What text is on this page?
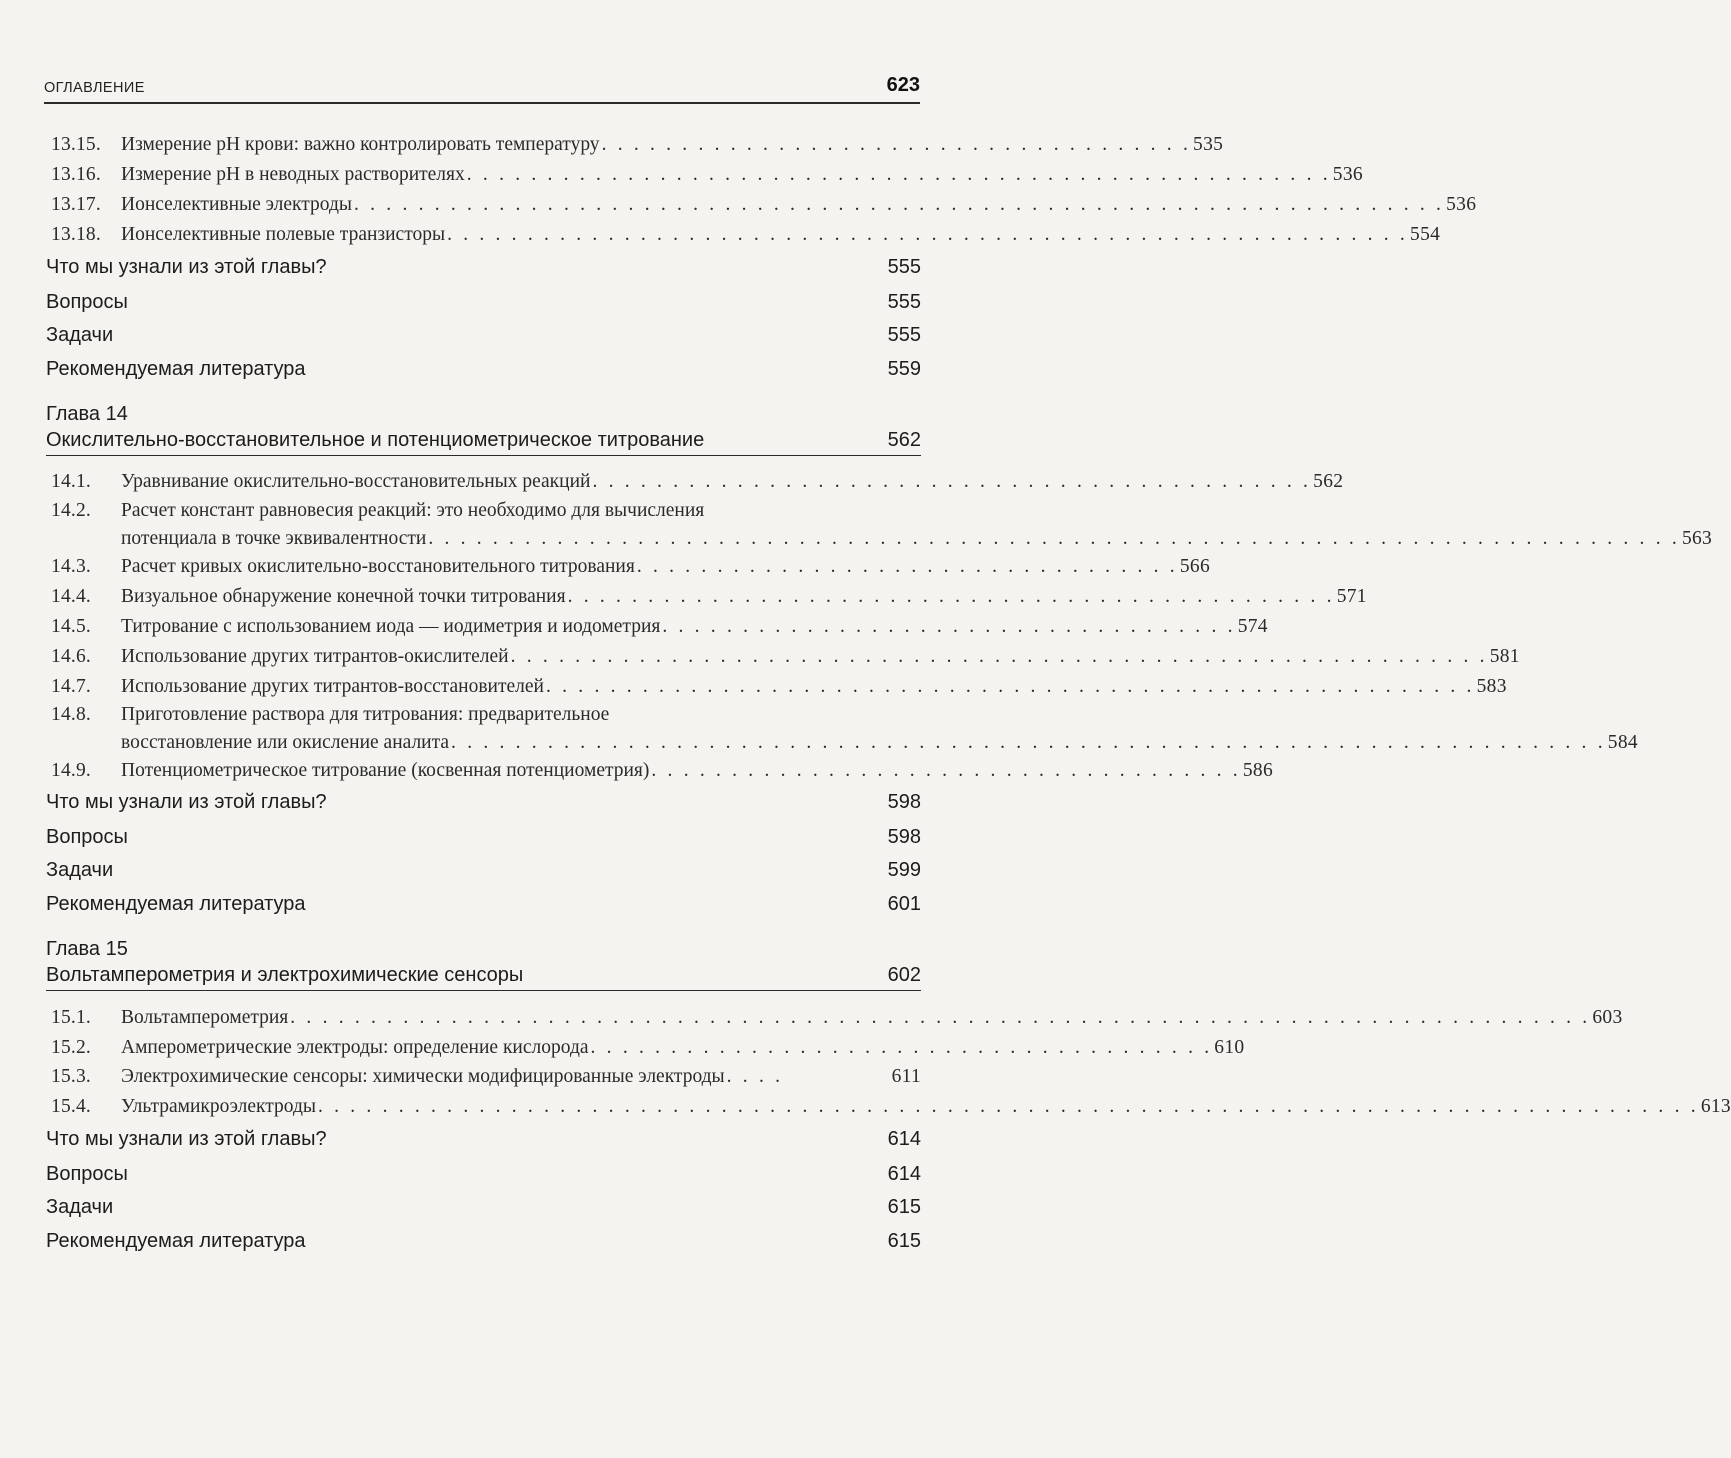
ОГЛАВЛЕНИЕ	623
13.15.	Измерение рН крови: важно контролировать температуру . . . . . . . . . . . . . . . . . . . . . . . . . . . . . . . . . . . . . 535
13.16.	Измерение рН в неводных растворителях . . . . . . . . . . . . . . . . . . . . . . . . . . . . . . . . . . . . . . . . . . . . . . . . . . . . . . 536
13.17.	Ионселективные электроды . . . . . . . . . . . . . . . . . . . . . . . . . . . . . . . . . . . . . . . . . . . . . . . . . . . . . . . . . . . . . . . . . . . . 536
13.18.	Ионселективные полевые транзисторы . . . . . . . . . . . . . . . . . . . . . . . . . . . . . . . . . . . . . . . . . . . . . . . . . . . . . . . . . . . . 554
Что мы узнали из этой главы?	555
Вопросы	555
Задачи	555
Рекомендуемая литература	559
Глава 14
Окислительно-восстановительное и потенциометрическое титрование	562
14.1.	Уравнивание окислительно-восстановительных реакций . . . . . . . . . . . . . . . . . . . . . . . . . . . . . . . . . . . . . . . . . . . . . 562
14.2.	Расчет констант равновесия реакций: это необходимо для вычисления
потенциала в точке эквивалентности . . . . . . . . . . . . . . . . . . . . . . . . . . . . . . . . . . . . . . . . . . . . . . . . . . . . . . . . . . . . . . . . . . . . . . . . . . . . . . 563
14.3.	Расчет кривых окислительно-восстановительного титрования . . . . . . . . . . . . . . . . . . . . . . . . . . . . . . . . . . 566
14.4.	Визуальное обнаружение конечной точки титрования . . . . . . . . . . . . . . . . . . . . . . . . . . . . . . . . . . . . . . . . . . . . . . . . 571
14.5.	Титрование с использованием иода — иодиметрия и иодометрия . . . . . . . . . . . . . . . . . . . . . . . . . . . . . . . . . . . . 574
14.6.	Использование других титрантов-окислителей . . . . . . . . . . . . . . . . . . . . . . . . . . . . . . . . . . . . . . . . . . . . . . . . . . . . . . . . . . . . . 581
14.7.	Использование других титрантов-восстановителей . . . . . . . . . . . . . . . . . . . . . . . . . . . . . . . . . . . . . . . . . . . . . . . . . . . . . . . . . . 583
14.8.	Приготовление раствора для титрования: предварительное
восстановление или окисление аналита . . . . . . . . . . . . . . . . . . . . . . . . . . . . . . . . . . . . . . . . . . . . . . . . . . . . . . . . . . . . . . . . . . . . . . . . 584
14.9.	Потенциометрическое титрование (косвенная потенциометрия) . . . . . . . . . . . . . . . . . . . . . . . . . . . . . . . . . . . . . 586
Что мы узнали из этой главы?	598
Вопросы	598
Задачи	599
Рекомендуемая литература	601
Глава 15
Вольтамперометрия и электрохимические сенсоры	602
15.1.	Вольтамперометрия . . . . . . . . . . . . . . . . . . . . . . . . . . . . . . . . . . . . . . . . . . . . . . . . . . . . . . . . . . . . . . . . . . . . . . . . . . . . . . . . . 603
15.2.	Амперометрические электроды: определение кислорода . . . . . . . . . . . . . . . . . . . . . . . . . . . . . . . . . . . . . . . 610
15.3.	Электрохимические сенсоры: химически модифицированные электроды . . . .	611
15.4.	Ультрамикроэлектроды . . . . . . . . . . . . . . . . . . . . . . . . . . . . . . . . . . . . . . . . . . . . . . . . . . . . . . . . . . . . . . . . . . . . . . . . . . . . . . . . . . . . . . 613
Что мы узнали из этой главы?	614
Вопросы	614
Задачи	615
Рекомендуемая литература	615
